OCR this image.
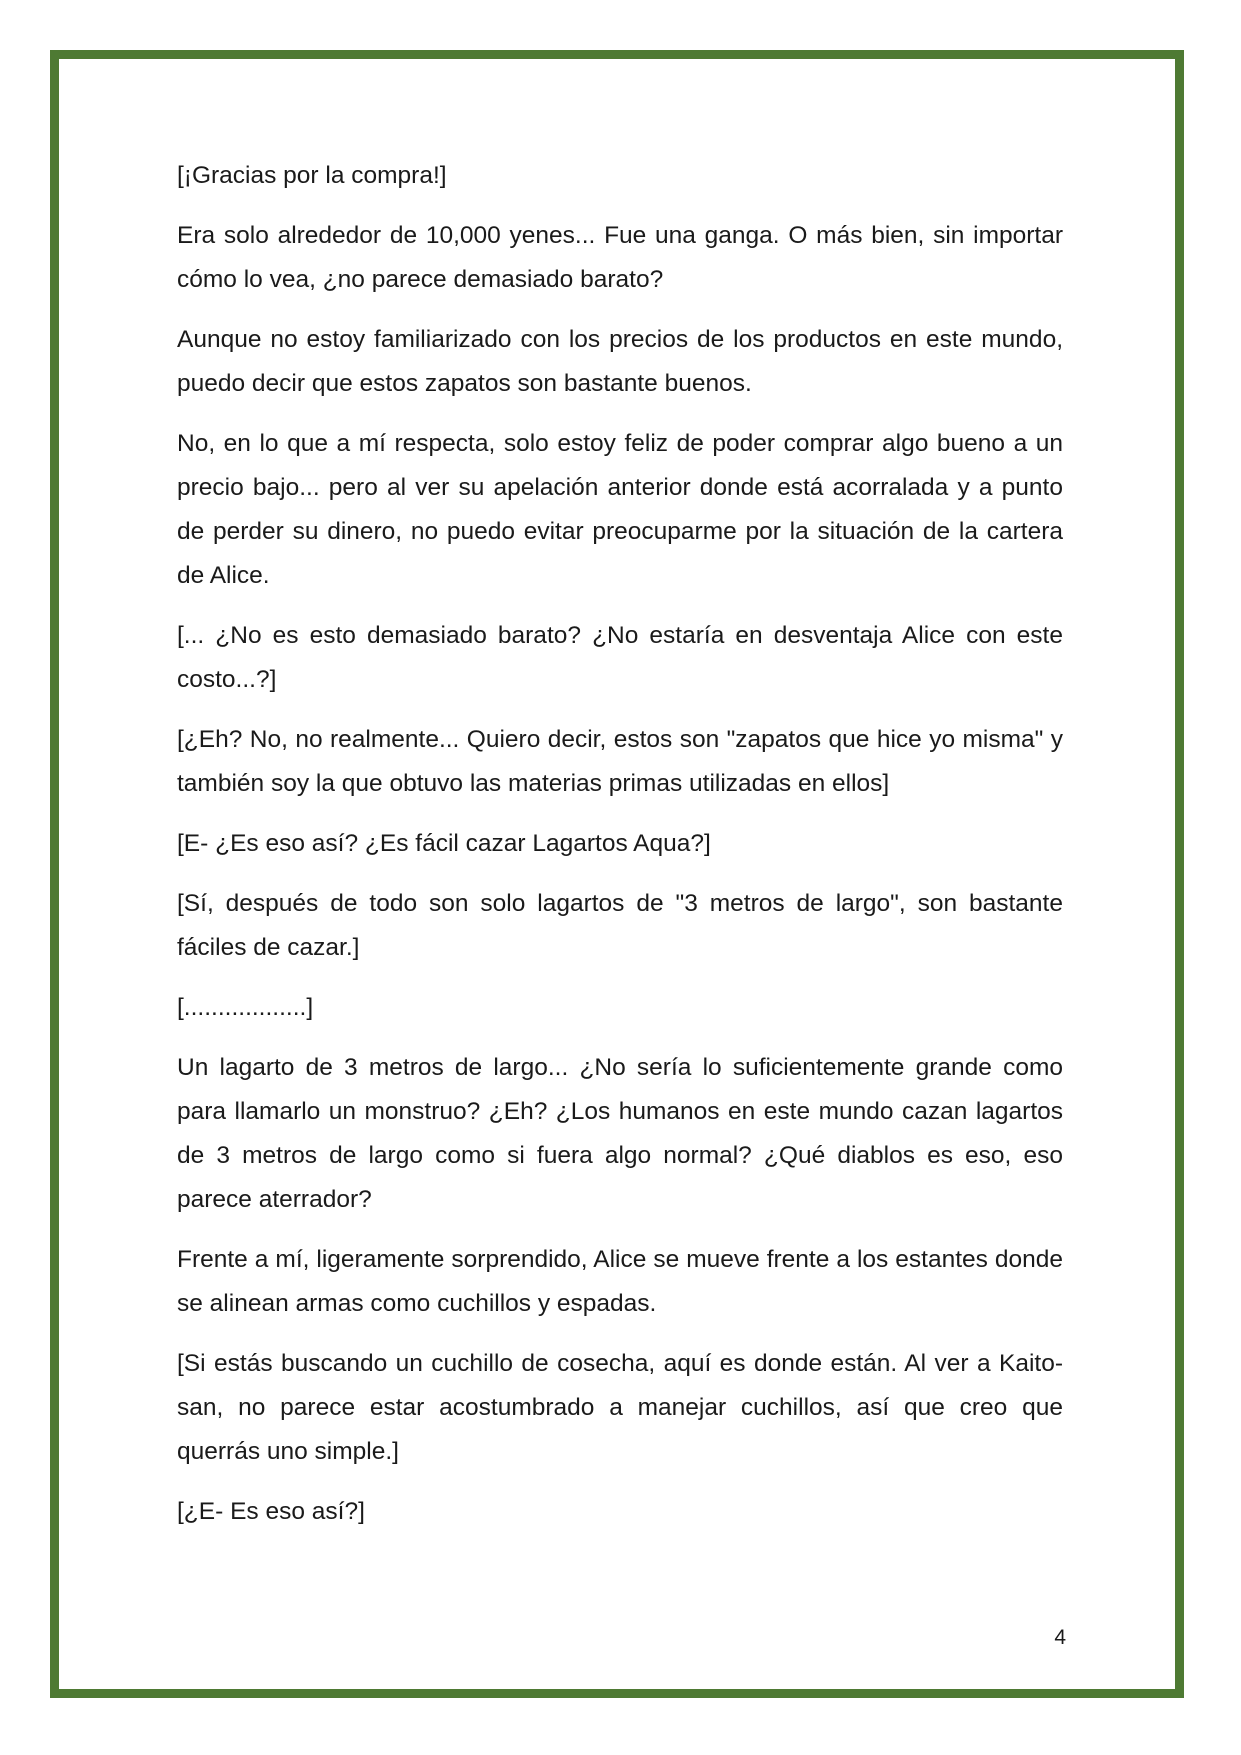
[¡Gracias por la compra!]

Era solo alrededor de 10,000 yenes... Fue una ganga. O más bien, sin importar cómo lo vea, ¿no parece demasiado barato?

Aunque no estoy familiarizado con los precios de los productos en este mundo, puedo decir que estos zapatos son bastante buenos.

No, en lo que a mí respecta, solo estoy feliz de poder comprar algo bueno a un precio bajo... pero al ver su apelación anterior donde está acorralada y a punto de perder su dinero, no puedo evitar preocuparme por la situación de la cartera de Alice.

[... ¿No es esto demasiado barato? ¿No estaría en desventaja Alice con este costo...?]

[¿Eh? No, no realmente... Quiero decir, estos son "zapatos que hice yo misma" y también soy la que obtuvo las materias primas utilizadas en ellos]

[E- ¿Es eso así? ¿Es fácil cazar Lagartos Aqua?]

[Sí, después de todo son solo lagartos de "3 metros de largo", son bastante fáciles de cazar.]

[..................]

Un lagarto de 3 metros de largo... ¿No sería lo suficientemente grande como para llamarlo un monstruo? ¿Eh? ¿Los humanos en este mundo cazan lagartos de 3 metros de largo como si fuera algo normal? ¿Qué diablos es eso, eso parece aterrador?

Frente a mí, ligeramente sorprendido, Alice se mueve frente a los estantes donde se alinean armas como cuchillos y espadas.

[Si estás buscando un cuchillo de cosecha, aquí es donde están. Al ver a Kaito-san, no parece estar acostumbrado a manejar cuchillos, así que creo que querrás uno simple.]

[¿E- Es eso así?]

4
